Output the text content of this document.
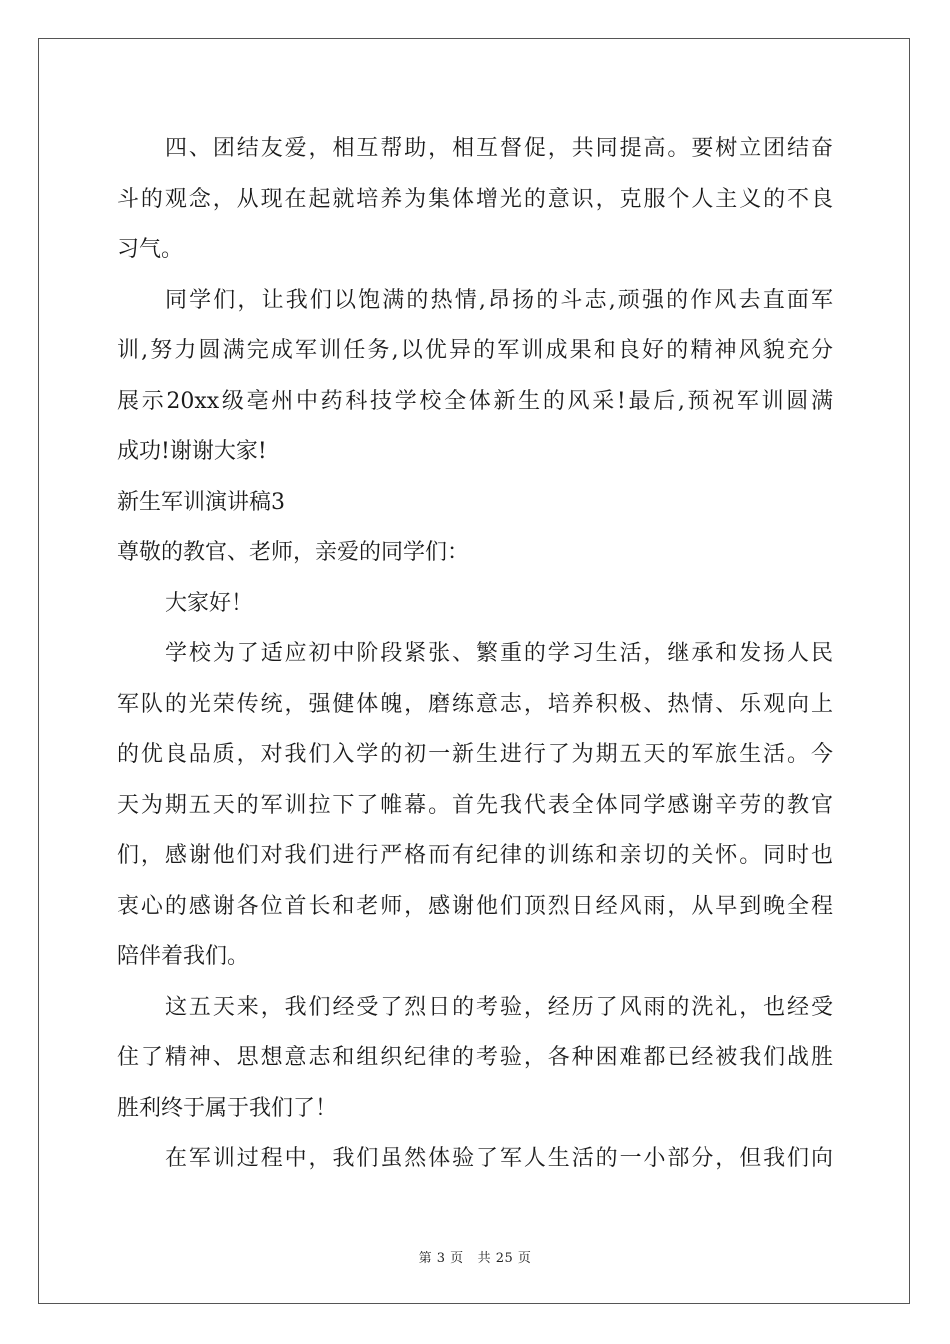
四、团结友爱，相互帮助，相互督促，共同提高。要树立团结奋
斗的观念，从现在起就培养为集体增光的意识，克服个人主义的不良
习气。
同学们，让我们以饱满的热情,昂扬的斗志,顽强的作风去直面军
训,努力圆满完成军训任务,以优异的军训成果和良好的精神风貌充分
展示20xx级亳州中药科技学校全体新生的风采!最后,预祝军训圆满
成功!谢谢大家!
新生军训演讲稿3
尊敬的教官、老师，亲爱的同学们：
大家好！
学校为了适应初中阶段紧张、繁重的学习生活，继承和发扬人民
军队的光荣传统，强健体魄，磨练意志，培养积极、热情、乐观向上
的优良品质，对我们入学的初一新生进行了为期五天的军旅生活。今
天为期五天的军训拉下了帷幕。首先我代表全体同学感谢辛劳的教官
们，感谢他们对我们进行严格而有纪律的训练和亲切的关怀。同时也
衷心的感谢各位首长和老师，感谢他们顶烈日经风雨，从早到晚全程
陪伴着我们。
这五天来，我们经受了烈日的考验，经历了风雨的洗礼，也经受
住了精神、思想意志和组织纪律的考验，各种困难都已经被我们战胜
胜利终于属于我们了！
在军训过程中，我们虽然体验了军人生活的一小部分，但我们向
第 3 页 共 25 页
